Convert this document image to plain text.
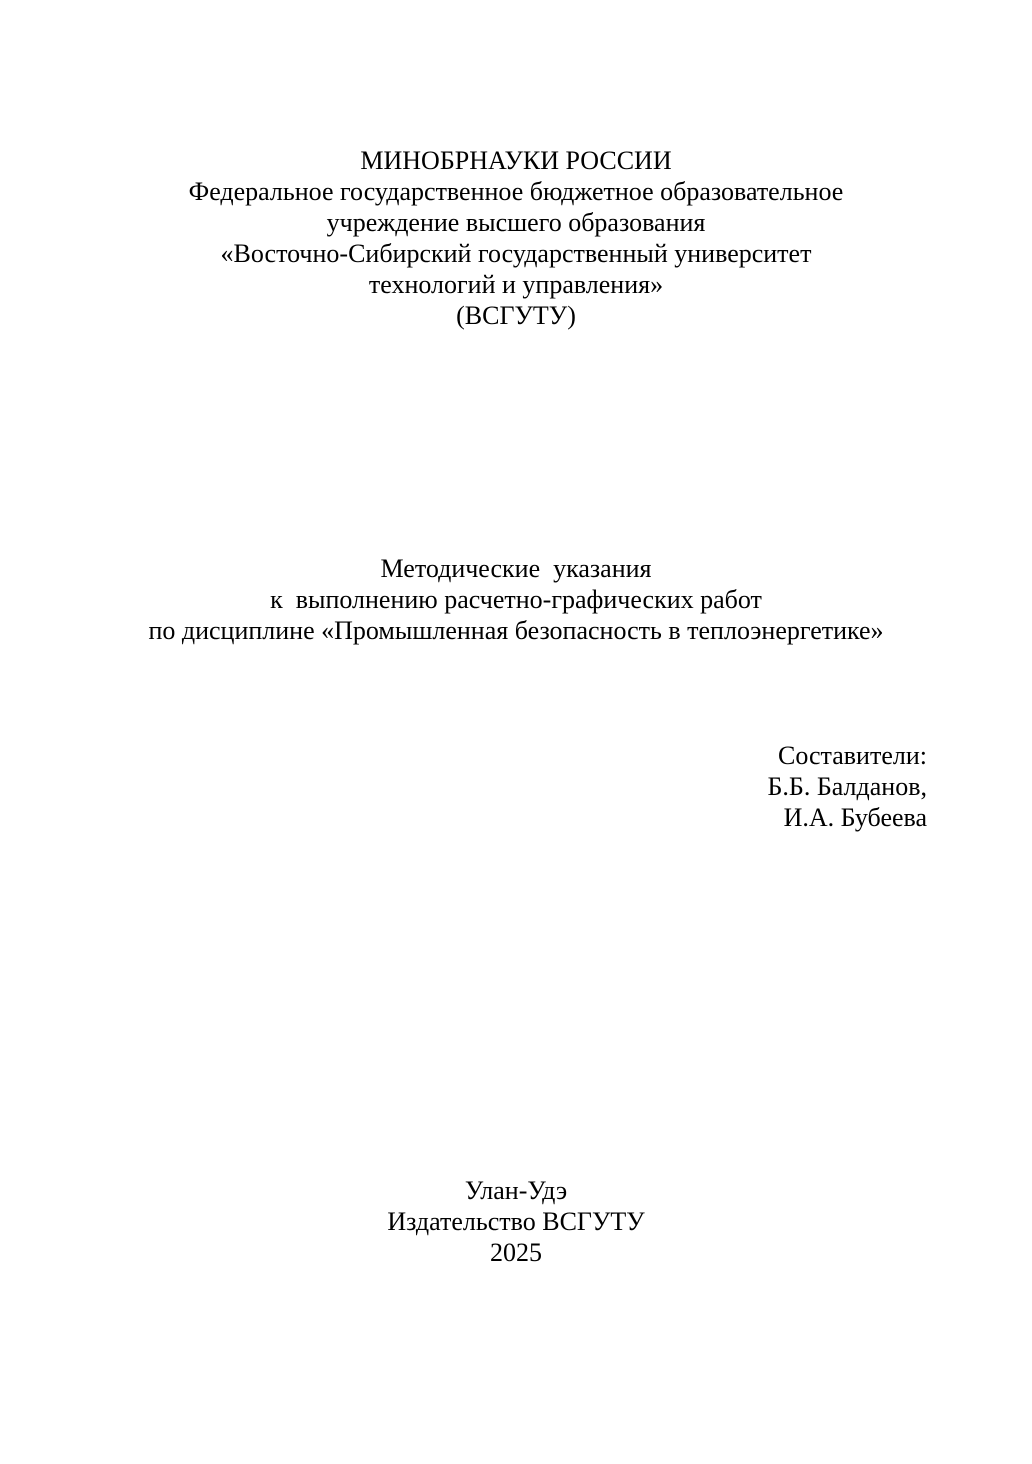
МИНОБРНАУКИ РОССИИ
Федеральное государственное бюджетное образовательное
учреждение высшего образования
«Восточно-Сибирский государственный университет
технологий и управления»
(ВСГУТУ)
Методические  указания
к  выполнению расчетно-графических работ
по дисциплине «Промышленная безопасность в теплоэнергетике»
Составители:
Б.Б. Балданов,
И.А. Бубеева
Улан-Удэ
Издательство ВСГУТУ
2025
